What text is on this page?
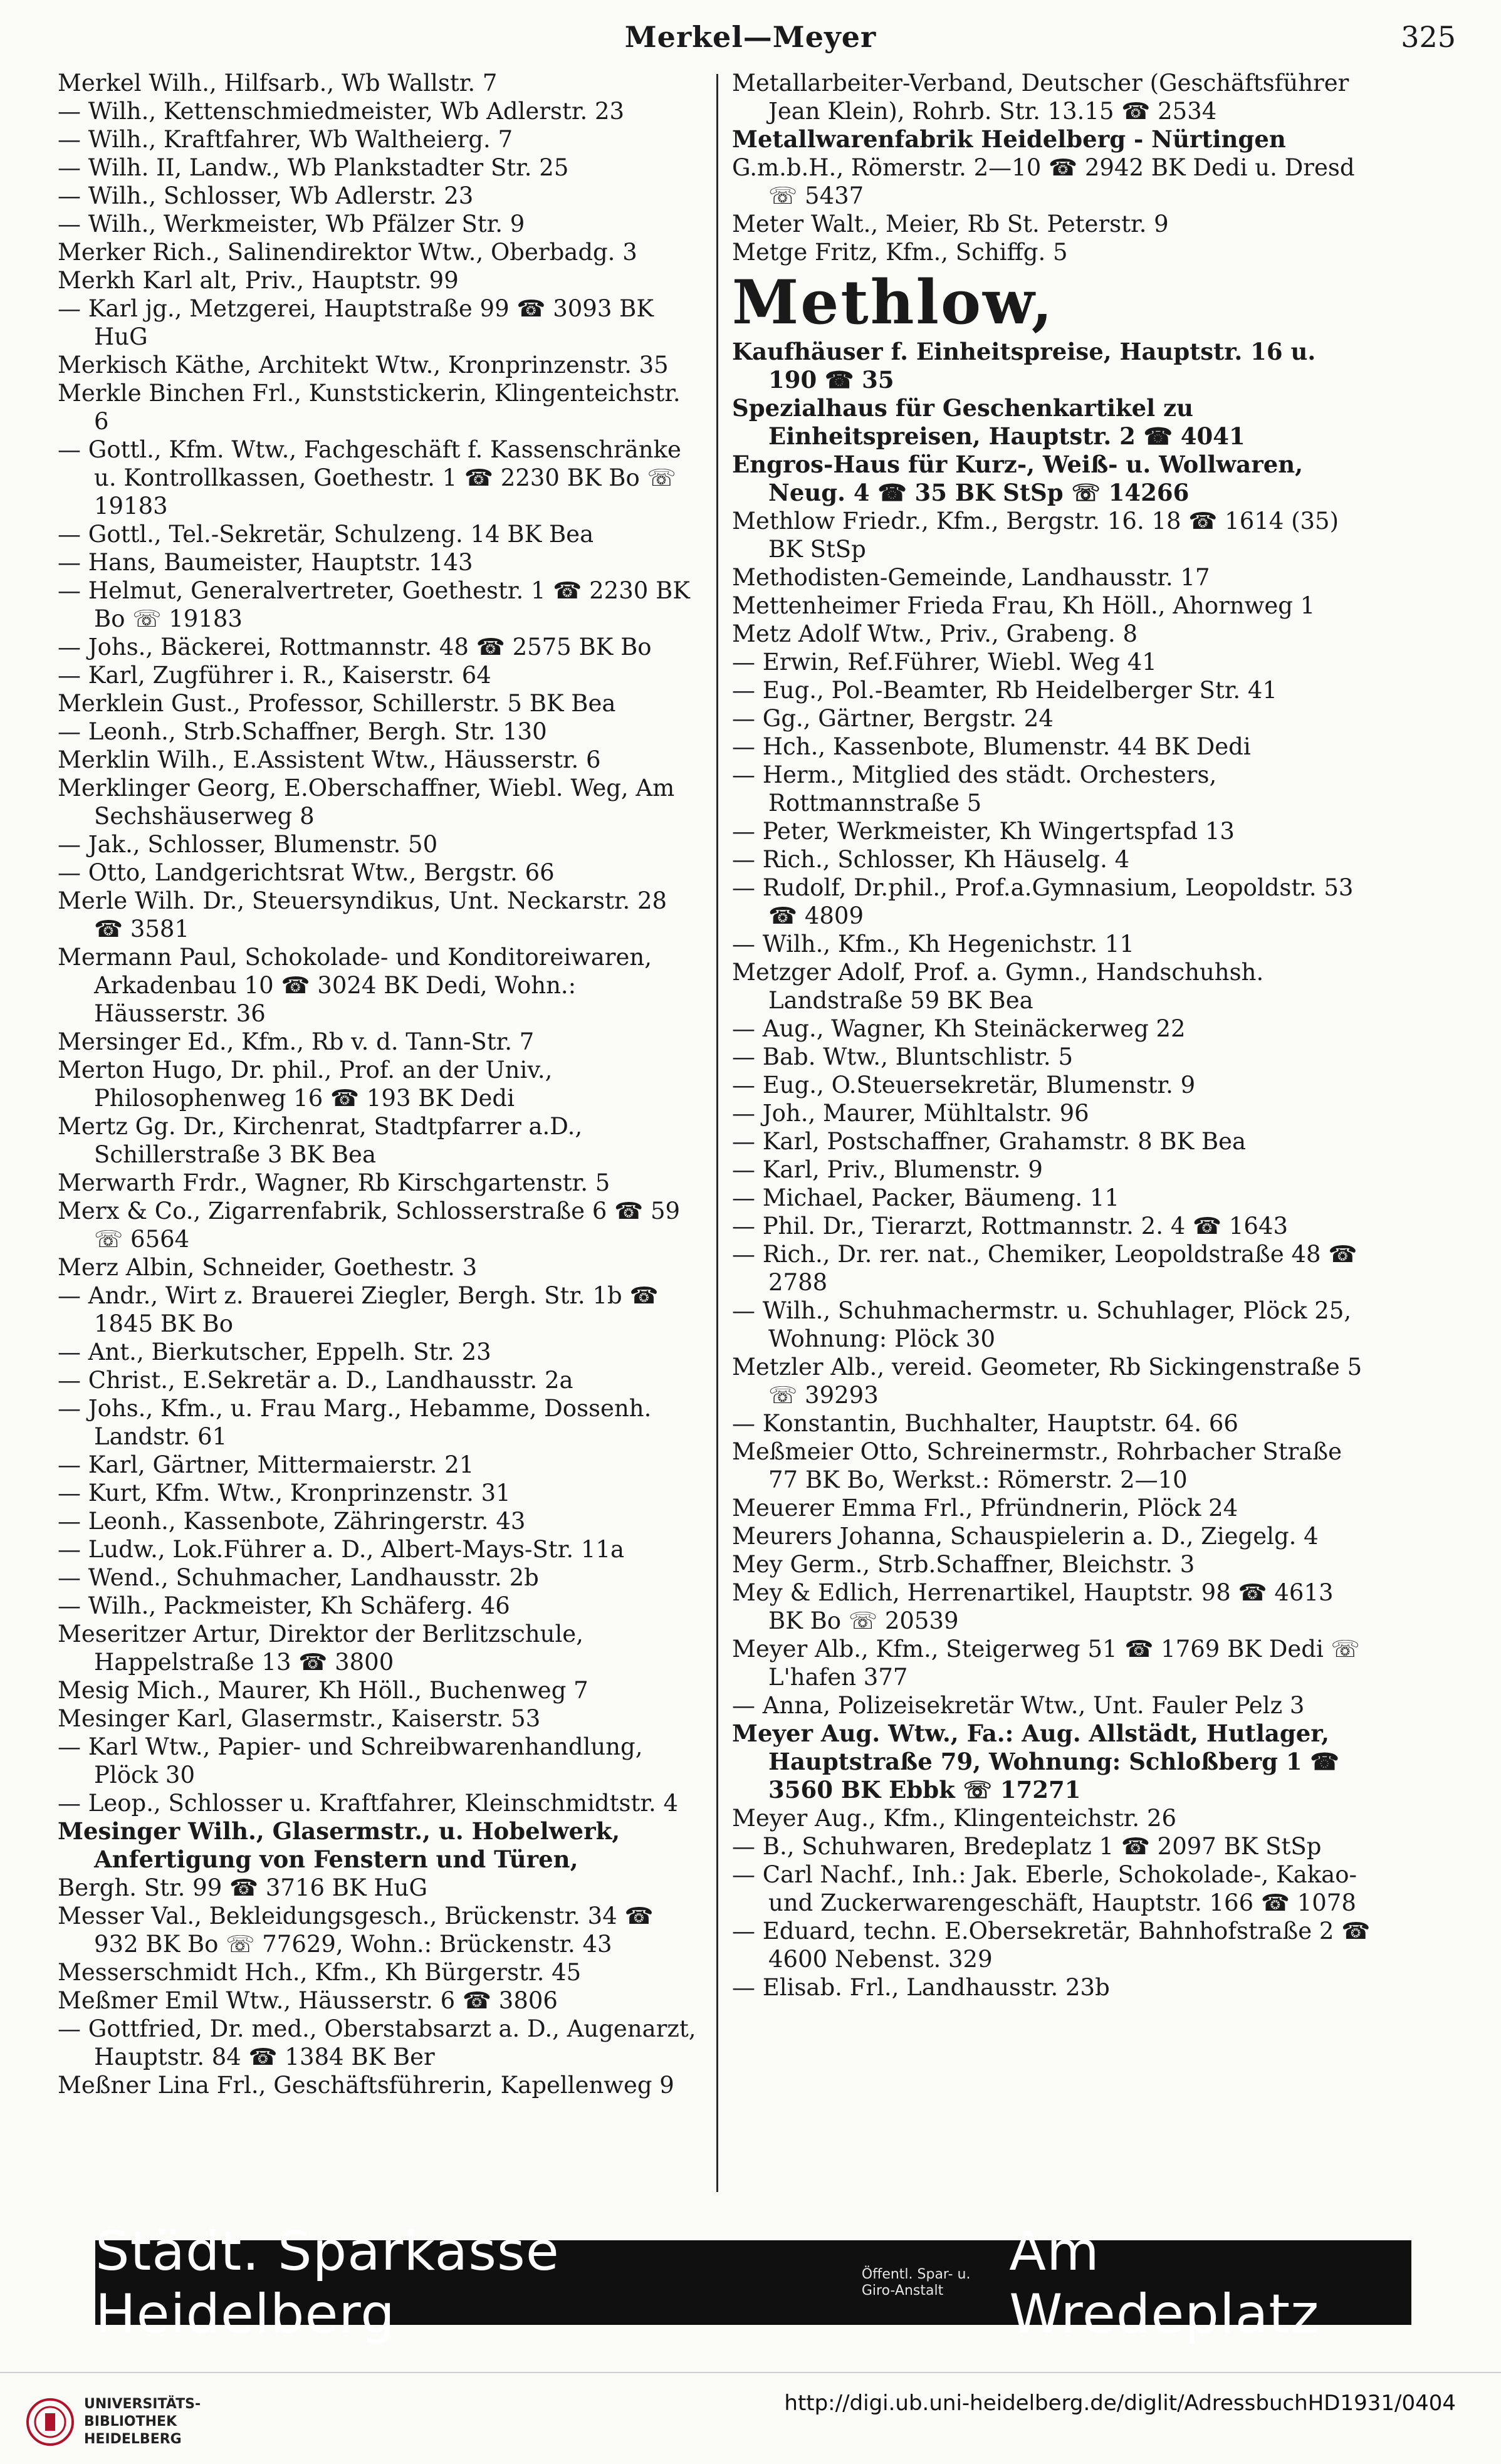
Merkel—Meyer	325

Merkel Wilh., Hilfsarb., Wb Wallstr. 7

— Wilh., Kettenschmiedmeister, Wb Adlerstr. 23

— Wilh., Kraftfahrer, Wb Waltheierg. 7

— Wilh. II, Landw., Wb Plankstadter Str. 25

— Wilh., Schlosser, Wb Adlerstr. 23

— Wilh., Werkmeister, Wb Pfälzer Str. 9

Merker Rich., Salinendirektor Wtw., Oberbadg. 3

Merkh Karl alt, Priv., Hauptstr. 99

— Karl jg., Metzgerei, Hauptstraße 99 ☎ 3093 BK HuG

Merkisch Käthe, Architekt Wtw., Kronprinzenstr. 35

Merkle Binchen Frl., Kunststickerin, Klingenteichstr. 6

— Gottl., Kfm. Wtw., Fachgeschäft f. Kassenschränke u. Kontrollkassen, Goethestr. 1 ☎ 2230 BK Bo ☏ 19183

— Gottl., Tel.-Sekretär, Schulzeng. 14 BK Bea

— Hans, Baumeister, Hauptstr. 143

— Helmut, Generalvertreter, Goethestr. 1 ☎ 2230 BK Bo ☏ 19183

— Johs., Bäckerei, Rottmannstr. 48 ☎ 2575 BK Bo

— Karl, Zugführer i. R., Kaiserstr. 64

Merklein Gust., Professor, Schillerstr. 5 BK Bea

— Leonh., Strb.Schaffner, Bergh. Str. 130

Merklin Wilh., E.Assistent Wtw., Häusserstr. 6

Merklinger Georg, E.Oberschaffner, Wiebl. Weg, Am Sechshäuserweg 8

— Jak., Schlosser, Blumenstr. 50

— Otto, Landgerichtsrat Wtw., Bergstr. 66

Merle Wilh. Dr., Steuersyndikus, Unt. Neckarstr. 28 ☎ 3581

Mermann Paul, Schokolade- und Konditoreiwaren, Arkadenbau 10 ☎ 3024 BK Dedi, Wohn.: Häusserstr. 36

Mersinger Ed., Kfm., Rb v. d. Tann-Str. 7

Merton Hugo, Dr. phil., Prof. an der Univ., Philosophenweg 16 ☎ 193 BK Dedi

Mertz Gg. Dr., Kirchenrat, Stadtpfarrer a.D., Schillerstraße 3 BK Bea

Merwarth Frdr., Wagner, Rb Kirschgartenstr. 5

Merx & Co., Zigarrenfabrik, Schlosserstraße 6 ☎ 59 ☏ 6564

Merz Albin, Schneider, Goethestr. 3

— Andr., Wirt z. Brauerei Ziegler, Bergh. Str. 1b ☎ 1845 BK Bo

— Ant., Bierkutscher, Eppelh. Str. 23

— Christ., E.Sekretär a. D., Landhausstr. 2a

— Johs., Kfm., u. Frau Marg., Hebamme, Dossenh. Landstr. 61

— Karl, Gärtner, Mittermaierstr. 21

— Kurt, Kfm. Wtw., Kronprinzenstr. 31

— Leonh., Kassenbote, Zähringerstr. 43

— Ludw., Lok.Führer a. D., Albert-Mays-Str. 11a

— Wend., Schuhmacher, Landhausstr. 2b

— Wilh., Packmeister, Kh Schäferg. 46

Meseritzer Artur, Direktor der Berlitzschule, Happelstraße 13 ☎ 3800

Mesig Mich., Maurer, Kh Höll., Buchenweg 7

Mesinger Karl, Glasermstr., Kaiserstr. 53

— Karl Wtw., Papier- und Schreibwarenhandlung, Plöck 30

— Leop., Schlosser u. Kraftfahrer, Kleinschmidtstr. 4

Mesinger Wilh., Glasermstr., u. Hobelwerk, Anfertigung von Fenstern und Türen,

Bergh. Str. 99 ☎ 3716 BK HuG

Messer Val., Bekleidungsgesch., Brückenstr. 34 ☎ 932 BK Bo ☏ 77629, Wohn.: Brückenstr. 43

Messerschmidt Hch., Kfm., Kh Bürgerstr. 45

Meßmer Emil Wtw., Häusserstr. 6 ☎ 3806

— Gottfried, Dr. med., Oberstabsarzt a. D., Augenarzt, Hauptstr. 84 ☎ 1384 BK Ber

Meßner Lina Frl., Geschäftsführerin, Kapellenweg 9

Metallarbeiter-Verband, Deutscher (Geschäftsführer Jean Klein), Rohrb. Str. 13.15 ☎ 2534

Metallwarenfabrik Heidelberg - Nürtingen

G.m.b.H., Römerstr. 2—10 ☎ 2942 BK Dedi u. Dresd ☏ 5437

Meter Walt., Meier, Rb St. Peterstr. 9

Metge Fritz, Kfm., Schiffg. 5

Methlow,

Kaufhäuser f. Einheitspreise, Hauptstr. 16 u. 190 ☎ 35

Spezialhaus für Geschenkartikel zu Einheitspreisen, Hauptstr. 2 ☎ 4041

Engros-Haus für Kurz-, Weiß- u. Wollwaren, Neug. 4 ☎ 35 BK StSp ☏ 14266

Methlow Friedr., Kfm., Bergstr. 16. 18 ☎ 1614 (35) BK StSp

Methodisten-Gemeinde, Landhausstr. 17

Mettenheimer Frieda Frau, Kh Höll., Ahornweg 1

Metz Adolf Wtw., Priv., Grabeng. 8

— Erwin, Ref.Führer, Wiebl. Weg 41

— Eug., Pol.-Beamter, Rb Heidelberger Str. 41

— Gg., Gärtner, Bergstr. 24

— Hch., Kassenbote, Blumenstr. 44 BK Dedi

— Herm., Mitglied des städt. Orchesters, Rottmannstraße 5

— Peter, Werkmeister, Kh Wingertspfad 13

— Rich., Schlosser, Kh Häuselg. 4

— Rudolf, Dr.phil., Prof.a.Gymnasium, Leopoldstr. 53 ☎ 4809

— Wilh., Kfm., Kh Hegenichstr. 11

Metzger Adolf, Prof. a. Gymn., Handschuhsh. Landstraße 59 BK Bea

— Aug., Wagner, Kh Steinäckerweg 22

— Bab. Wtw., Bluntschlistr. 5

— Eug., O.Steuersekretär, Blumenstr. 9

— Joh., Maurer, Mühltalstr. 96

— Karl, Postschaffner, Grahamstr. 8 BK Bea

— Karl, Priv., Blumenstr. 9

— Michael, Packer, Bäumeng. 11

— Phil. Dr., Tierarzt, Rottmannstr. 2. 4 ☎ 1643

— Rich., Dr. rer. nat., Chemiker, Leopoldstraße 48 ☎ 2788

— Wilh., Schuhmachermstr. u. Schuhlager, Plöck 25, Wohnung: Plöck 30

Metzler Alb., vereid. Geometer, Rb Sickingenstraße 5 ☏ 39293

— Konstantin, Buchhalter, Hauptstr. 64. 66

Meßmeier Otto, Schreinermstr., Rohrbacher Straße 77 BK Bo, Werkst.: Römerstr. 2—10

Meuerer Emma Frl., Pfründnerin, Plöck 24

Meurers Johanna, Schauspielerin a. D., Ziegelg. 4

Mey Germ., Strb.Schaffner, Bleichstr. 3

Mey & Edlich, Herrenartikel, Hauptstr. 98 ☎ 4613 BK Bo ☏ 20539

Meyer Alb., Kfm., Steigerweg 51 ☎ 1769 BK Dedi ☏ L'hafen 377

— Anna, Polizeisekretär Wtw., Unt. Fauler Pelz 3

Meyer Aug. Wtw., Fa.: Aug. Allstädt, Hutlager, Hauptstraße 79, Wohnung: Schloßberg 1 ☎ 3560 BK Ebbk ☏ 17271

Meyer Aug., Kfm., Klingenteichstr. 26

— B., Schuhwaren, Bredeplatz 1 ☎ 2097 BK StSp

— Carl Nachf., Inh.: Jak. Eberle, Schokolade-, Kakao- und Zuckerwarengeschäft, Hauptstr. 166 ☎ 1078

— Eduard, techn. E.Obersekretär, Bahnhofstraße 2 ☎ 4600 Nebenst. 329

— Elisab. Frl., Landhausstr. 23b

Städt. Sparkasse Heidelberg
Öffentl. Spar- u.
Giro-Anstalt
Am Wredeplatz
UNIVERSITÄTS-
BIBLIOTHEK
HEIDELBERG
http://digi.ub.uni-heidelberg.de/diglit/AdressbuchHD1931/0404
